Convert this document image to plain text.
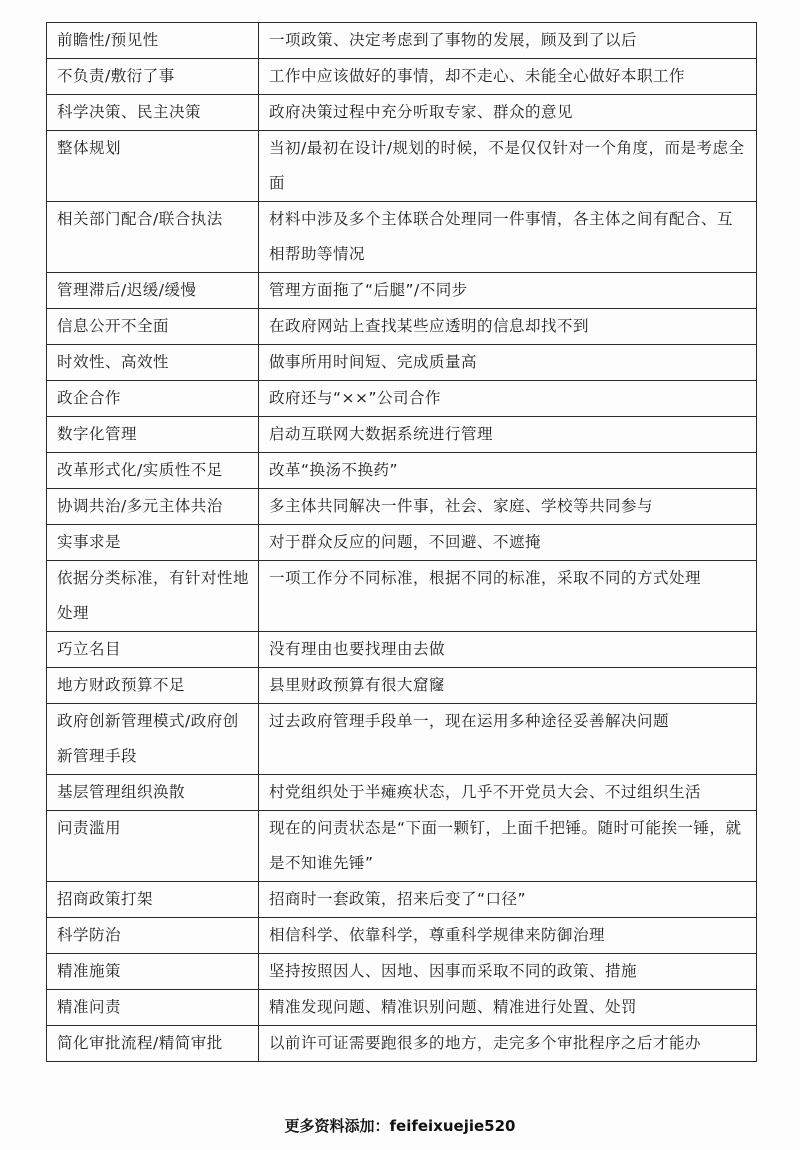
前瞻性/预见性	一项政策、决定考虑到了事物的发展，顾及到了以后
不负责/敷衍了事	工作中应该做好的事情，却不走心、未能全心做好本职工作
科学决策、民主决策	政府决策过程中充分听取专家、群众的意见
整体规划	当初/最初在设计/规划的时候，不是仅仅针对一个角度，而是考虑全面
相关部门配合/联合执法	材料中涉及多个主体联合处理同一件事情，各主体之间有配合、互相帮助等情况
管理滞后/迟缓/缓慢	管理方面拖了“后腿”/不同步
信息公开不全面	在政府网站上查找某些应透明的信息却找不到
时效性、高效性	做事所用时间短、完成质量高
政企合作	政府还与“××”公司合作
数字化管理	启动互联网大数据系统进行管理
改革形式化/实质性不足	改革“换汤不换药”
协调共治/多元主体共治	多主体共同解决一件事，社会、家庭、学校等共同参与
实事求是	对于群众反应的问题，不回避、不遮掩
依据分类标准，有针对性地处理	一项工作分不同标准，根据不同的标准，采取不同的方式处理
巧立名目	没有理由也要找理由去做
地方财政预算不足	县里财政预算有很大窟窿
政府创新管理模式/政府创新管理手段	过去政府管理手段单一，现在运用多种途径妥善解决问题
基层管理组织涣散	村党组织处于半瘫痪状态，几乎不开党员大会、不过组织生活
问责滥用	现在的问责状态是“下面一颗钉，上面千把锤。随时可能挨一锤，就是不知谁先锤”
招商政策打架	招商时一套政策，招来后变了“口径”
科学防治	相信科学、依靠科学，尊重科学规律来防御治理
精准施策	坚持按照因人、因地、因事而采取不同的政策、措施
精准问责	精准发现问题、精准识别问题、精准进行处置、处罚
简化审批流程/精简审批	以前许可证需要跑很多的地方，走完多个审批程序之后才能办
更多资料添加：feifeixuejie520
